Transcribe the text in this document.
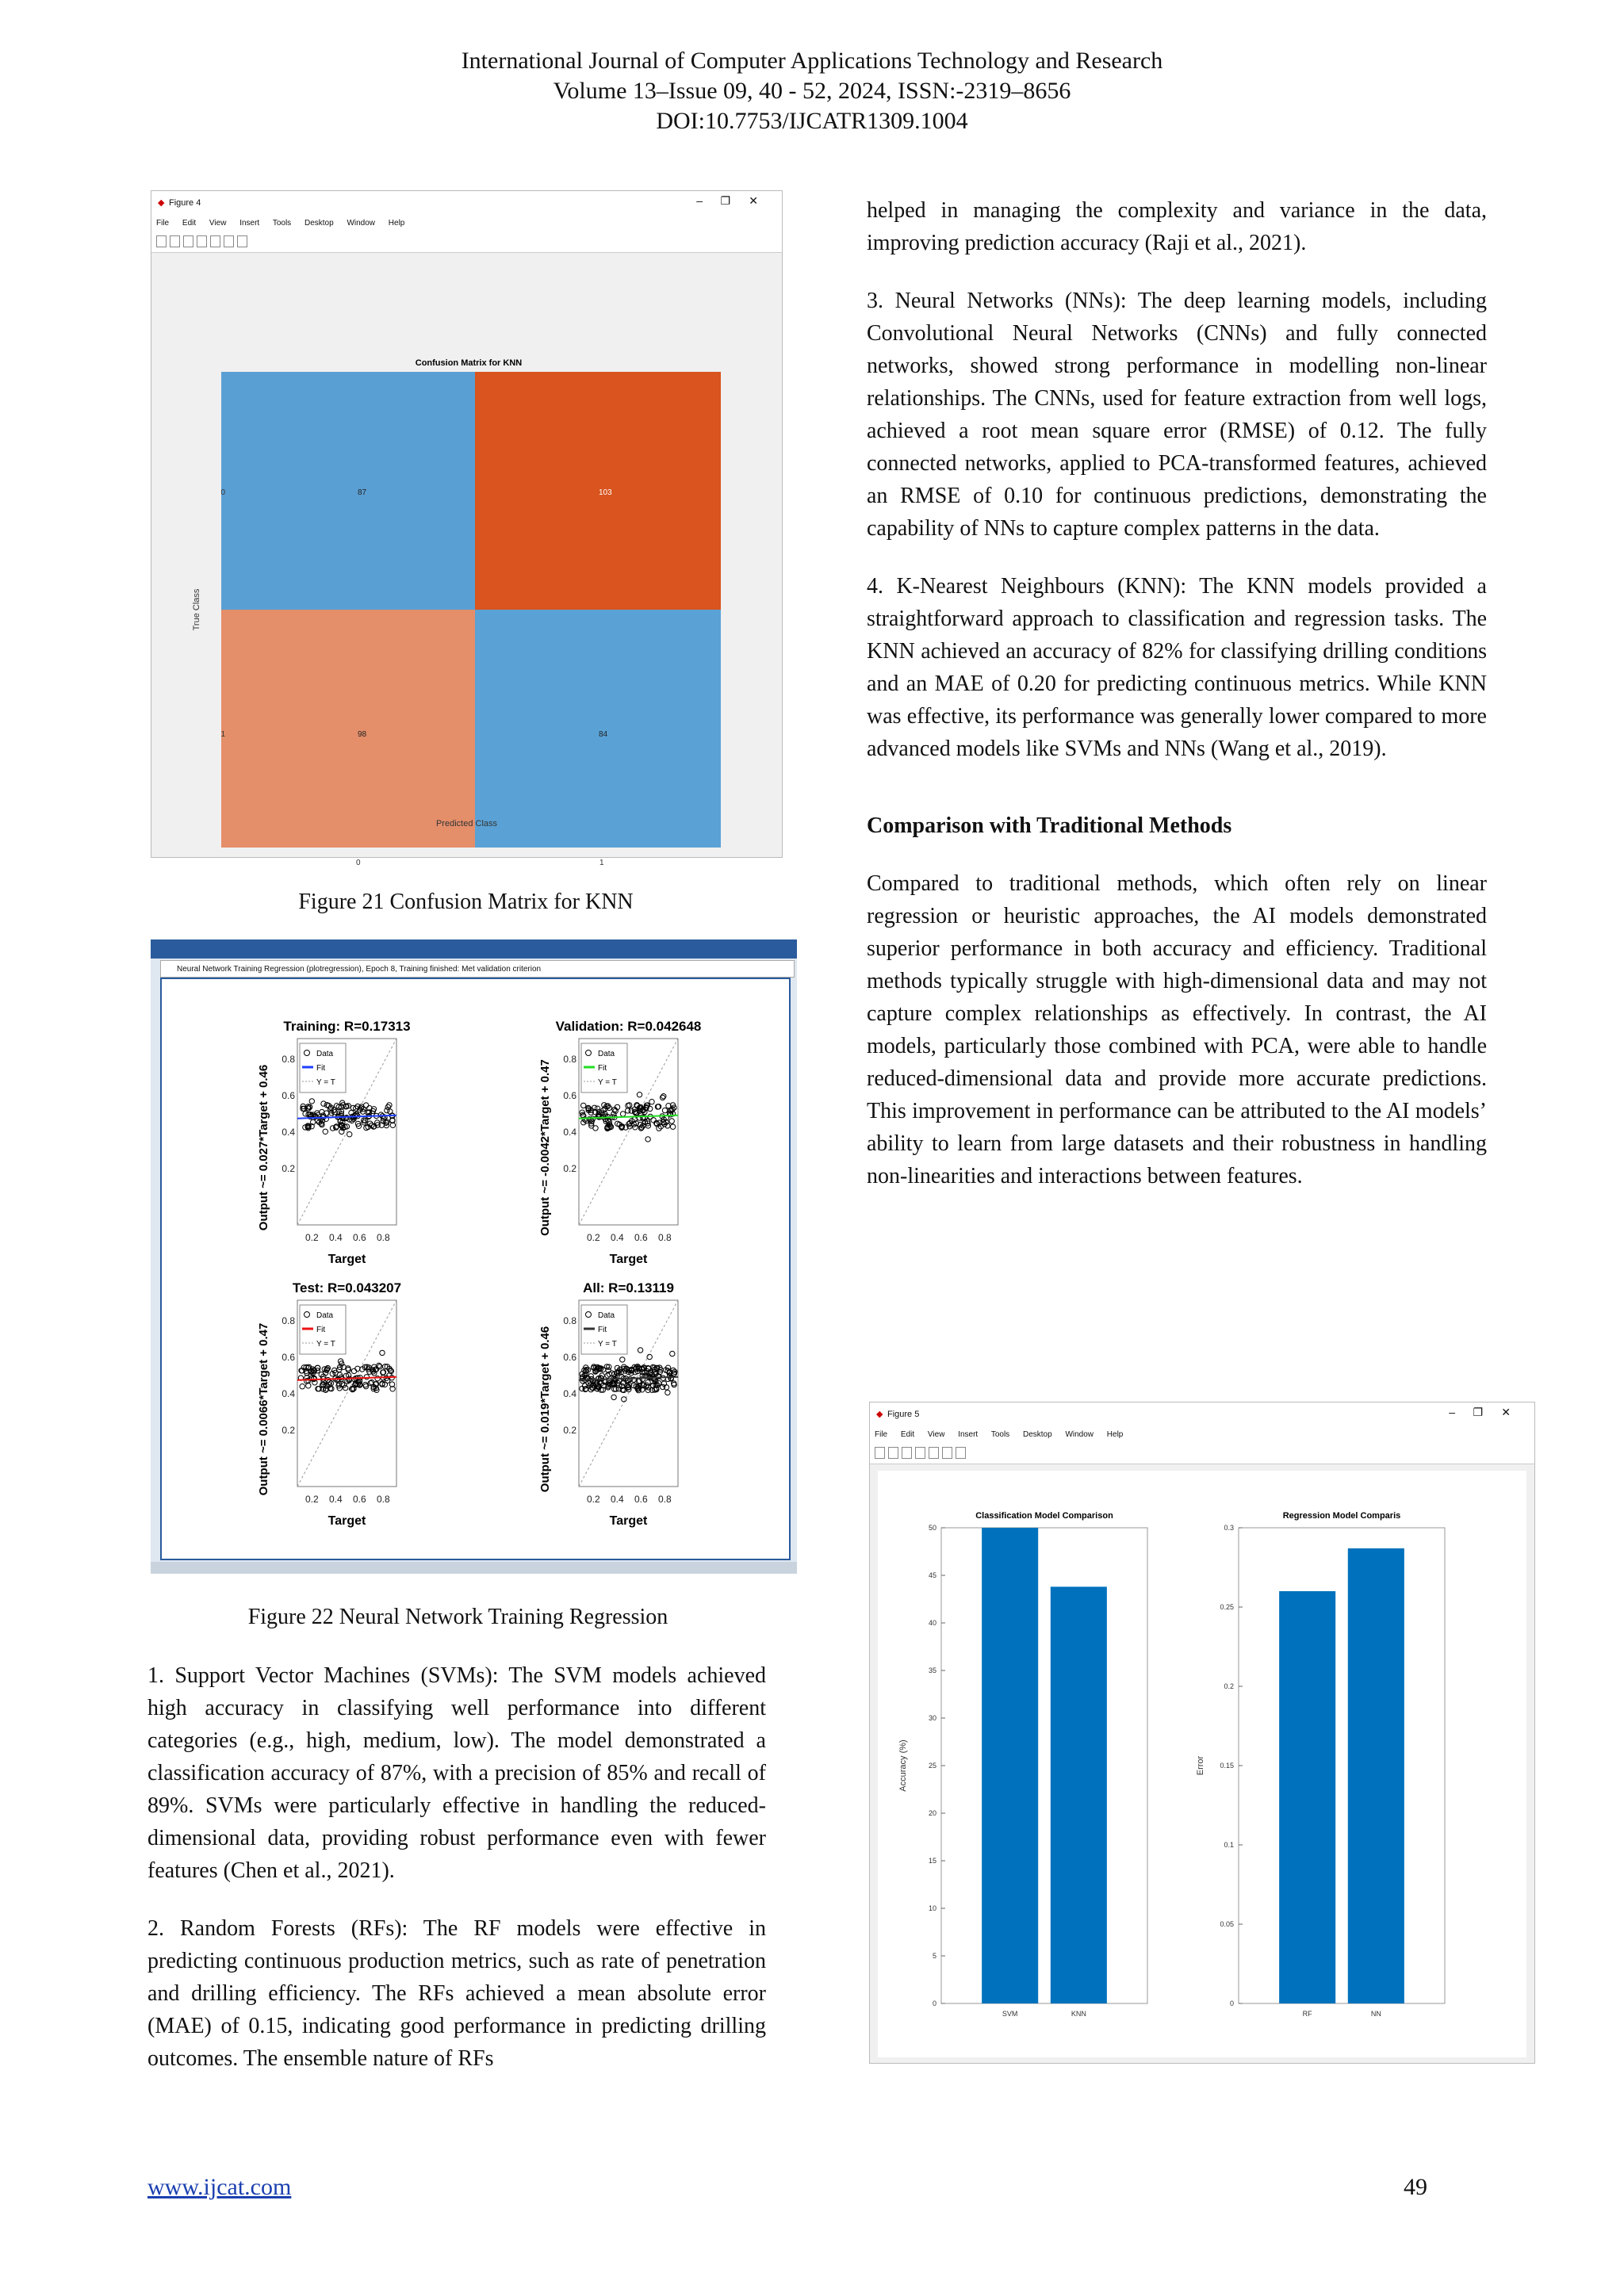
International Journal of Computer Applications Technology and Research
Volume 13–Issue 09, 40 - 52, 2024, ISSN:-2319–8656
DOI:10.7753/IJCATR1309.1004
◆ Figure 4	– ❐ ✕
File Edit View Insert Tools Desktop Window Help
Confusion Matrix for KNN
87	103
98	84
0
1
0	1
True Class
Predicted Class
Figure 21 Confusion Matrix for KNN
Neural Network Training Regression (plotregression), Epoch 8, Training finished: Met validation criterion
Training: R=0.17313
Output ~= 0.027*Target + 0.46
Target
0.2 0.4 0.6 0.8
0.8
0.6
0.4
0.2
Data
Fit
Y = T
Validation: R=0.042648
Output ~= -0.0042*Target + 0.47
Target
0.2 0.4 0.6 0.8
0.8
0.6
0.4
0.2
Data
Fit
Y = T
Test: R=0.043207
Output ~= 0.0066*Target + 0.47
Target
0.2 0.4 0.6 0.8
0.8
0.6
0.4
0.2
Data
Fit
Y = T
All: R=0.13119
Output ~= 0.019*Target + 0.46
Target
0.2 0.4 0.6 0.8
0.8
0.6
0.4
0.2
Data
Fit
Y = T
Figure 22 Neural Network Training Regression

1. Support Vector Machines (SVMs): The SVM models achieved high accuracy in classifying well performance into different categories (e.g., high, medium, low). The model demonstrated a classification accuracy of 87%, with a precision of 85% and recall of 89%. SVMs were particularly effective in handling the reduced-dimensional data, providing robust performance even with fewer features (Chen et al., 2021).

2. Random Forests (RFs): The RF models were effective in predicting continuous production metrics, such as rate of penetration and drilling efficiency. The RFs achieved a mean absolute error (MAE) of 0.15, indicating good performance in predicting drilling outcomes. The ensemble nature of RFs

helped in managing the complexity and variance in the data, improving prediction accuracy (Raji et al., 2021).

3. Neural Networks (NNs): The deep learning models, including Convolutional Neural Networks (CNNs) and fully connected networks, showed strong performance in modelling non-linear relationships. The CNNs, used for feature extraction from well logs, achieved a root mean square error (RMSE) of 0.12. The fully connected networks, applied to PCA-transformed features, achieved an RMSE of 0.10 for continuous predictions, demonstrating the capability of NNs to capture complex patterns in the data.

4. K-Nearest Neighbours (KNN): The KNN models provided a straightforward approach to classification and regression tasks. The KNN achieved an accuracy of 82% for classifying drilling conditions and an MAE of 0.20 for predicting continuous metrics. While KNN was effective, its performance was generally lower compared to more advanced models like SVMs and NNs (Wang et al., 2019).

Comparison with Traditional Methods

Compared to traditional methods, which often rely on linear regression or heuristic approaches, the AI models demonstrated superior performance in both accuracy and efficiency. Traditional methods typically struggle with high-dimensional data and may not capture complex relationships as effectively. In contrast, the AI models, particularly those combined with PCA, were able to handle reduced-dimensional data and provide more accurate predictions. This improvement in performance can be attributed to the AI models’ ability to learn from large datasets and their robustness in handling non-linearities and interactions between features.

◆ Figure 5	– ❐ ✕
File Edit View Insert Tools Desktop Window Help
Classification Model Comparison
0
5
10
15
20
25
30
35
40
45
50
Accuracy (%)
SVM	KNN
Regression Model Comparis
0
0.05
0.1
0.15
0.2
0.25
0.3
Error
RF	NN
www.ijcat.com	49
